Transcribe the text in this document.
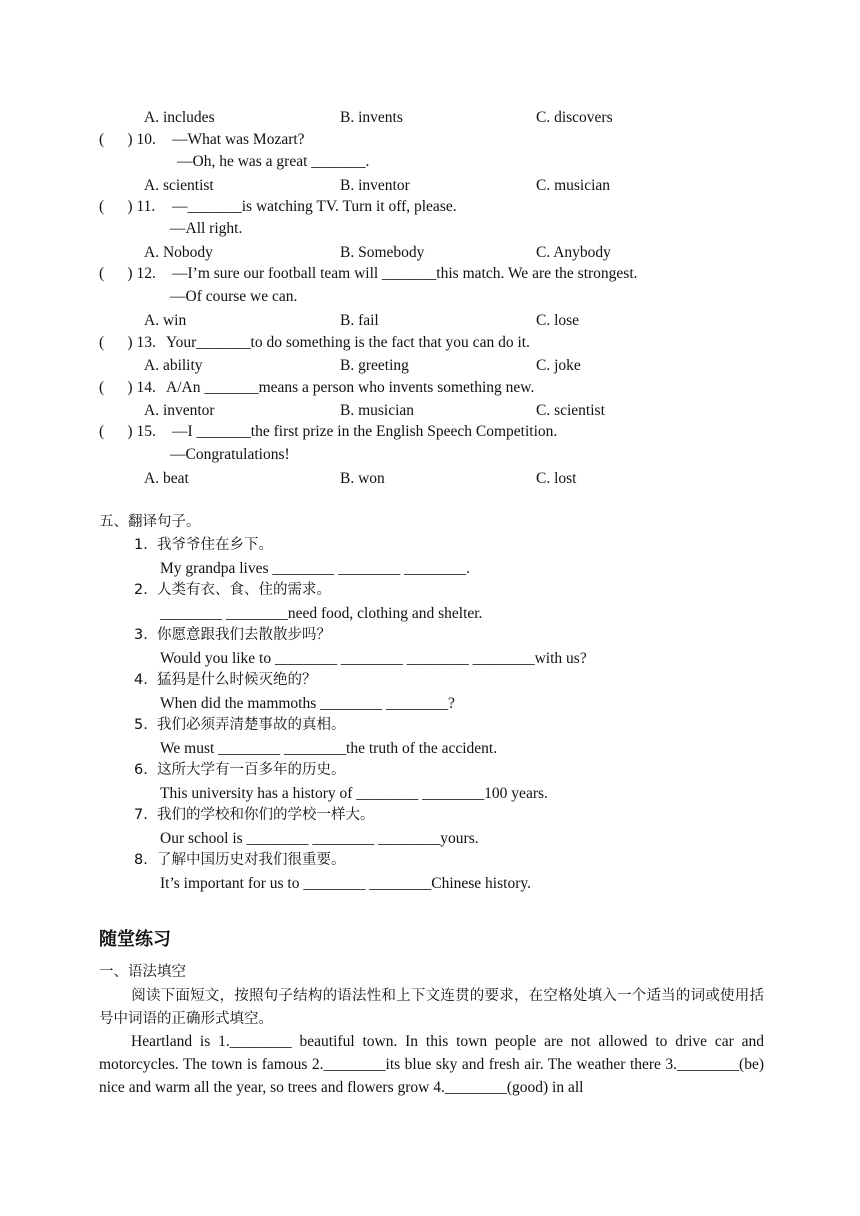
A. includes	B. invents	C. discovers
(      ) 10. —What was Mozart?
—Oh, he was a great _______.
A. scientist	B. inventor	C. musician
(      ) 11. —_______is watching TV. Turn it off, please.
—All right.
A. Nobody	B. Somebody	C. Anybody
(      ) 12. —I’m sure our football team will _______this match. We are the strongest.
—Of course we can.
A. win	B. fail	C. lose
(      ) 13. Your_______to do something is the fact that you can do it.
A. ability	B. greeting	C. joke
(      ) 14. A/An _______means a person who invents something new.
A. inventor	B. musician	C. scientist
(      ) 15. —I _______the first prize in the English Speech Competition.
—Congratulations!
A. beat	B. won	C. lost
五、翻译句子。
1.  我爷爷住在乡下。
My grandpa lives ________ ________ ________.
2.  人类有衣、食、住的需求。
________ ________need food, clothing and shelter.
3.  你愿意跟我们去散散步吗？
Would you like to ________ ________ ________ ________with us?
4.  猛犸是什么时候灭绝的？
When did the mammoths ________ ________?
5.  我们必须弄清楚事故的真相。
We must ________ ________the truth of the accident.
6.  这所大学有一百多年的历史。
This university has a history of ________ ________100 years.
7.  我们的学校和你们的学校一样大。
Our school is ________ ________ ________yours.
8.  了解中国历史对我们很重要。
It’s important for us to ________ ________Chinese history.
随堂练习
一、语法填空
阅读下面短文，按照句子结构的语法性和上下文连贯的要求，在空格处填入一个适当的词或使用括号中词语的正确形式填空。
Heartland is 1.________ beautiful town. In this town people are not allowed to drive car and motorcycles. The town is famous 2.________its blue sky and fresh air. The weather there 3.________(be) nice and warm all the year, so trees and flowers grow 4.________(good) in all
